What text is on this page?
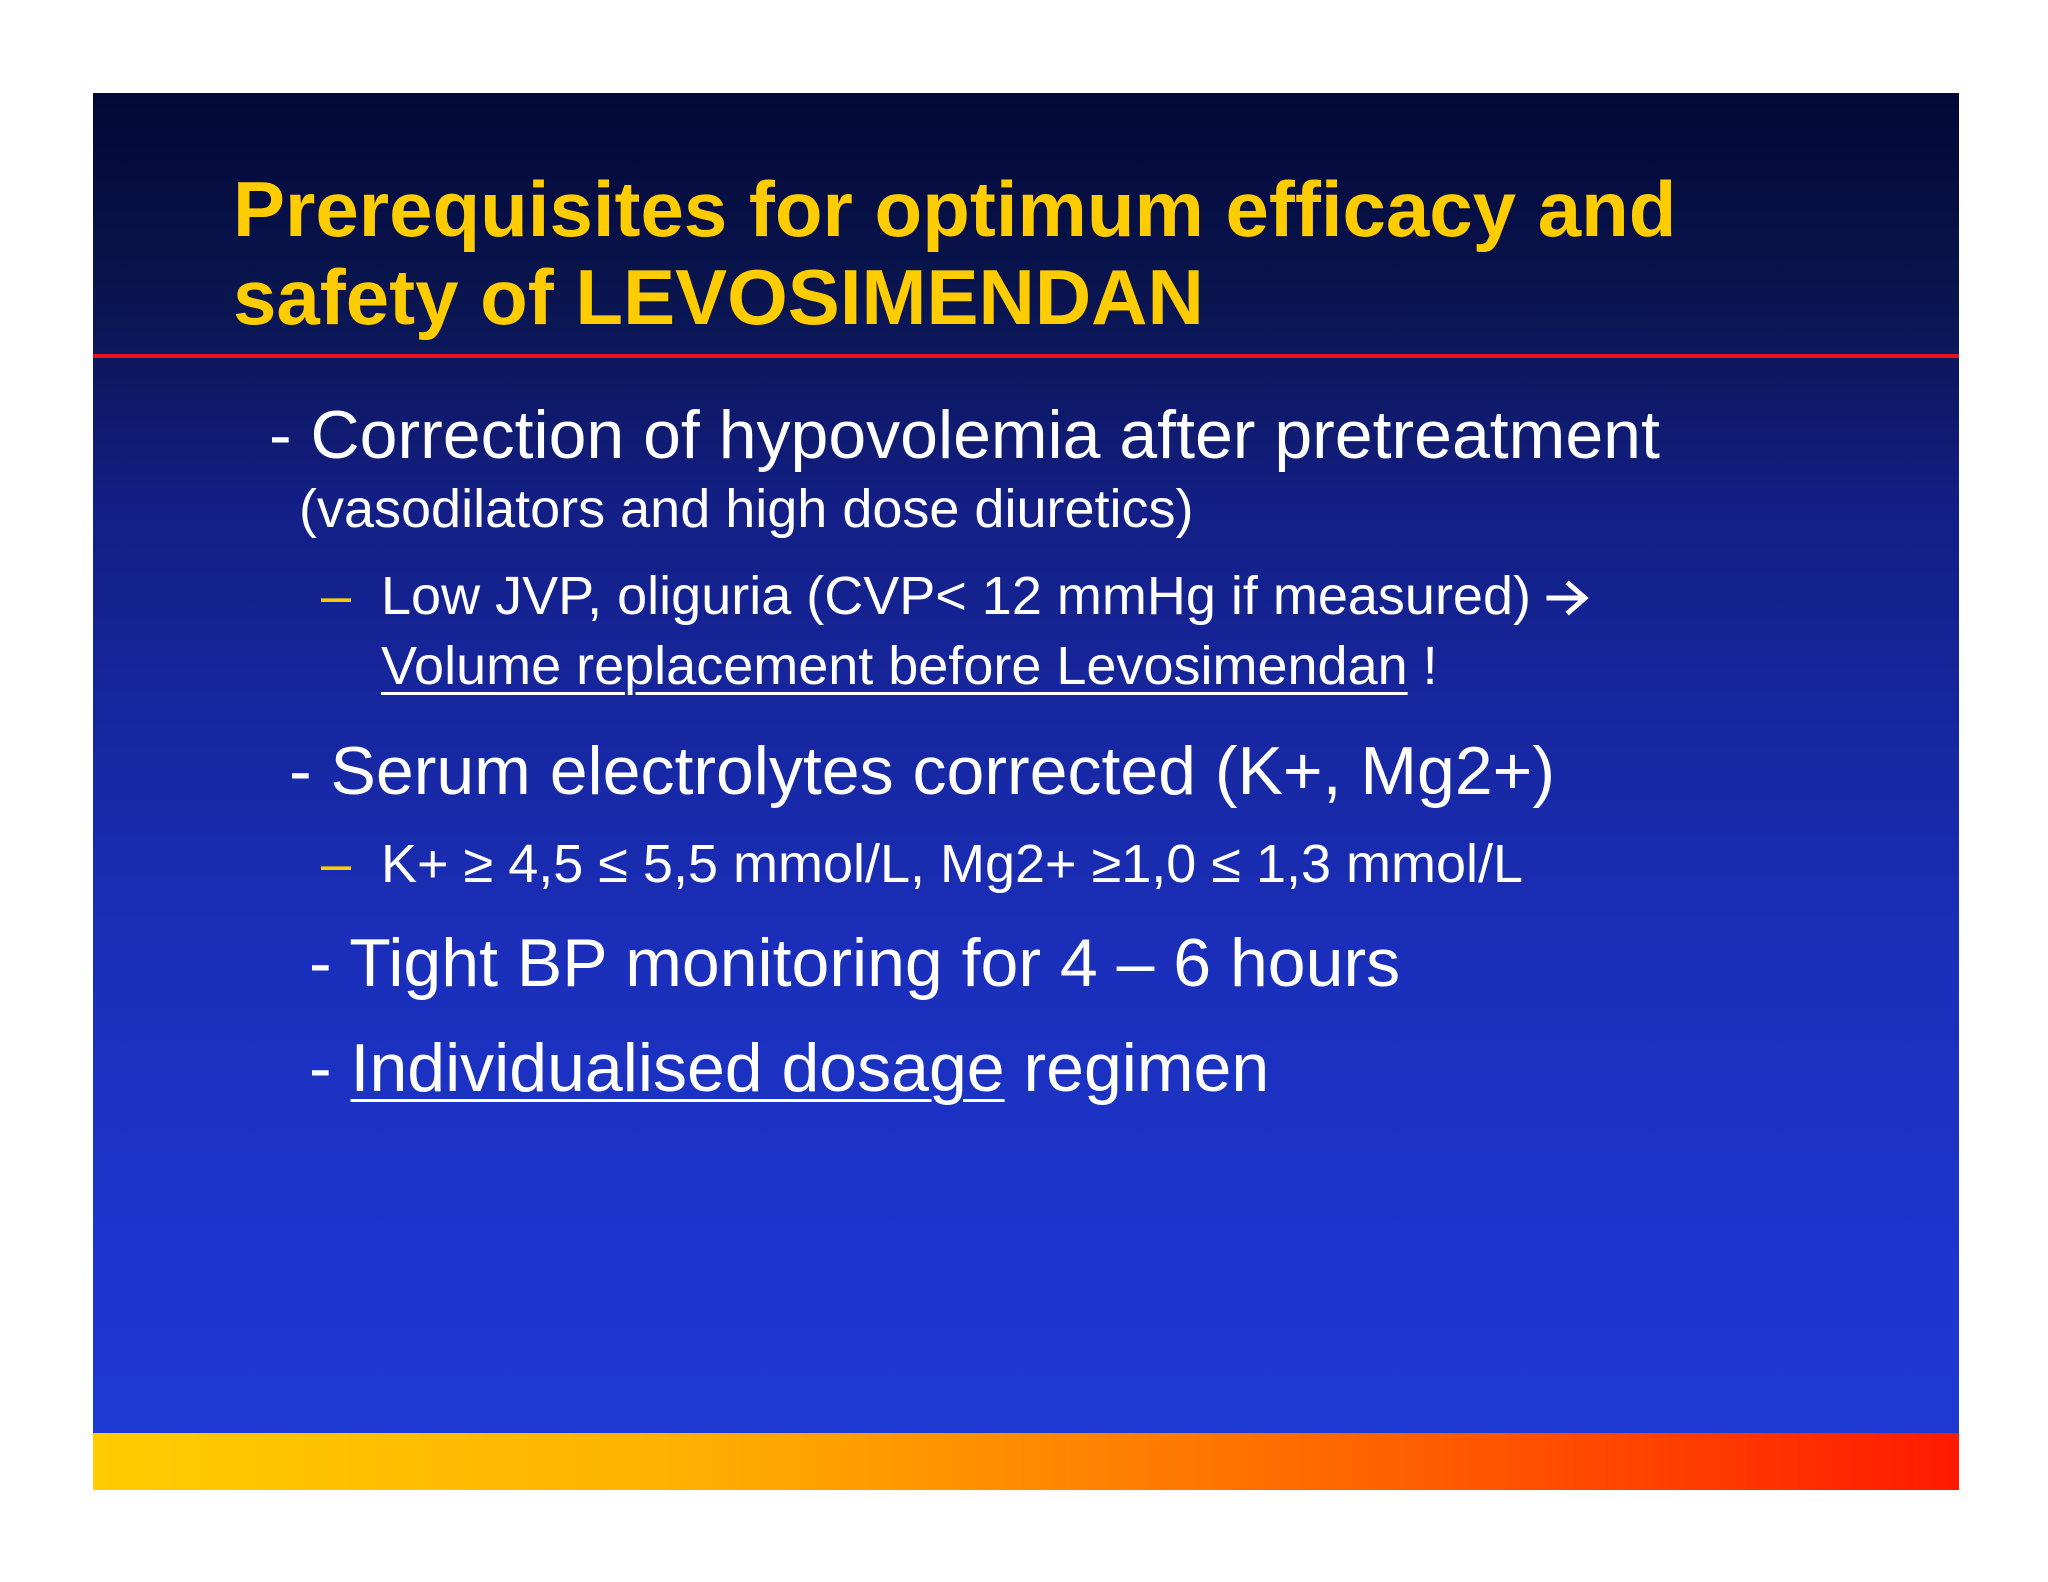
Prerequisites for optimum efficacy and
safety of LEVOSIMENDAN
- Correction of hypovolemia after pretreatment
(vasodilators and high dose diuretics)
– Low JVP, oliguria (CVP< 12 mmHg if measured)
Volume replacement before Levosimendan !
- Serum electrolytes corrected (K+, Mg2+)
– K+ ≥ 4,5 ≤ 5,5 mmol/L, Mg2+ ≥1,0 ≤ 1,3 mmol/L
- Tight BP monitoring for 4 – 6 hours
- Individualised dosage regimen
